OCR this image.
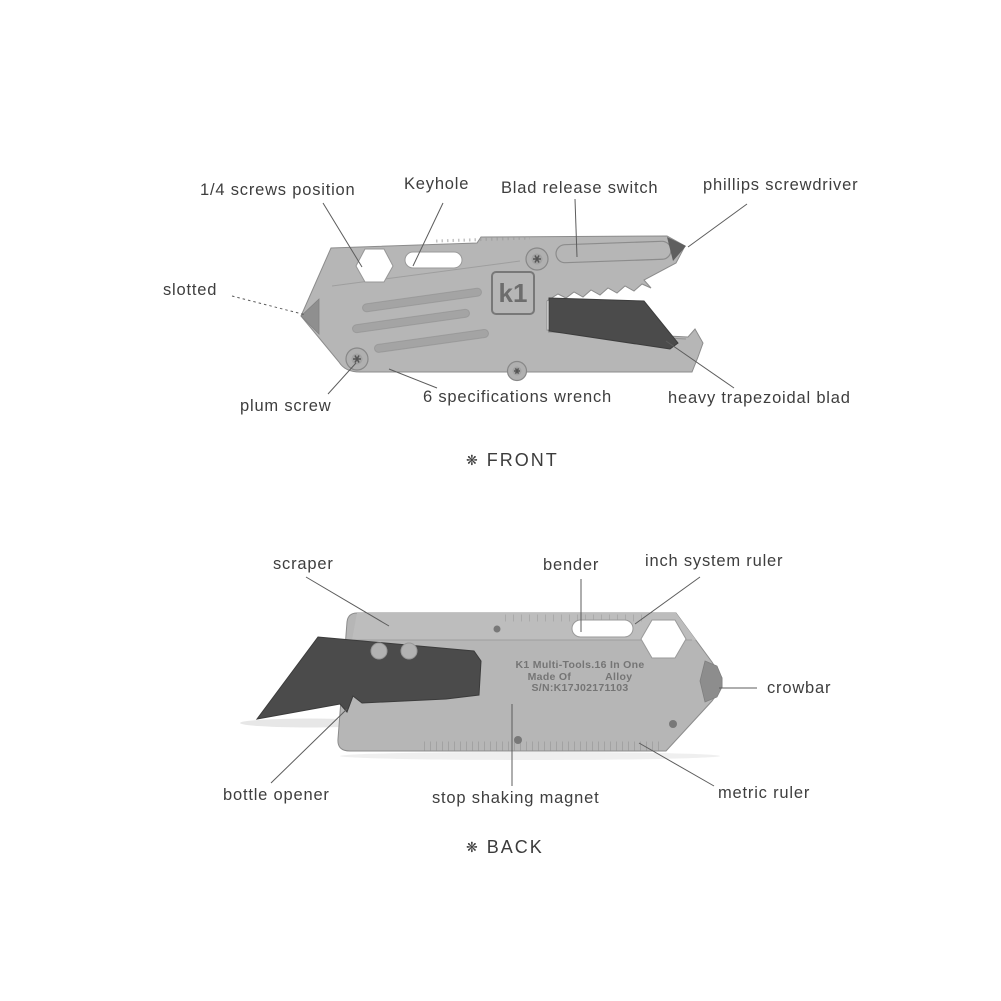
1/4 screws position	Keyhole Blad release switch	phillips screwdriver
slotted
plum screw	6 specifications wrench	heavy trapezoidal blad
k1
❋ FRONT
scraper	bender	inch system ruler
crowbar
bottle opener	stop shaking magnet	metric ruler
K1 Multi-Tools.16 In One
Made Of	Alloy
S/N:K17J02171103
❋ BACK
